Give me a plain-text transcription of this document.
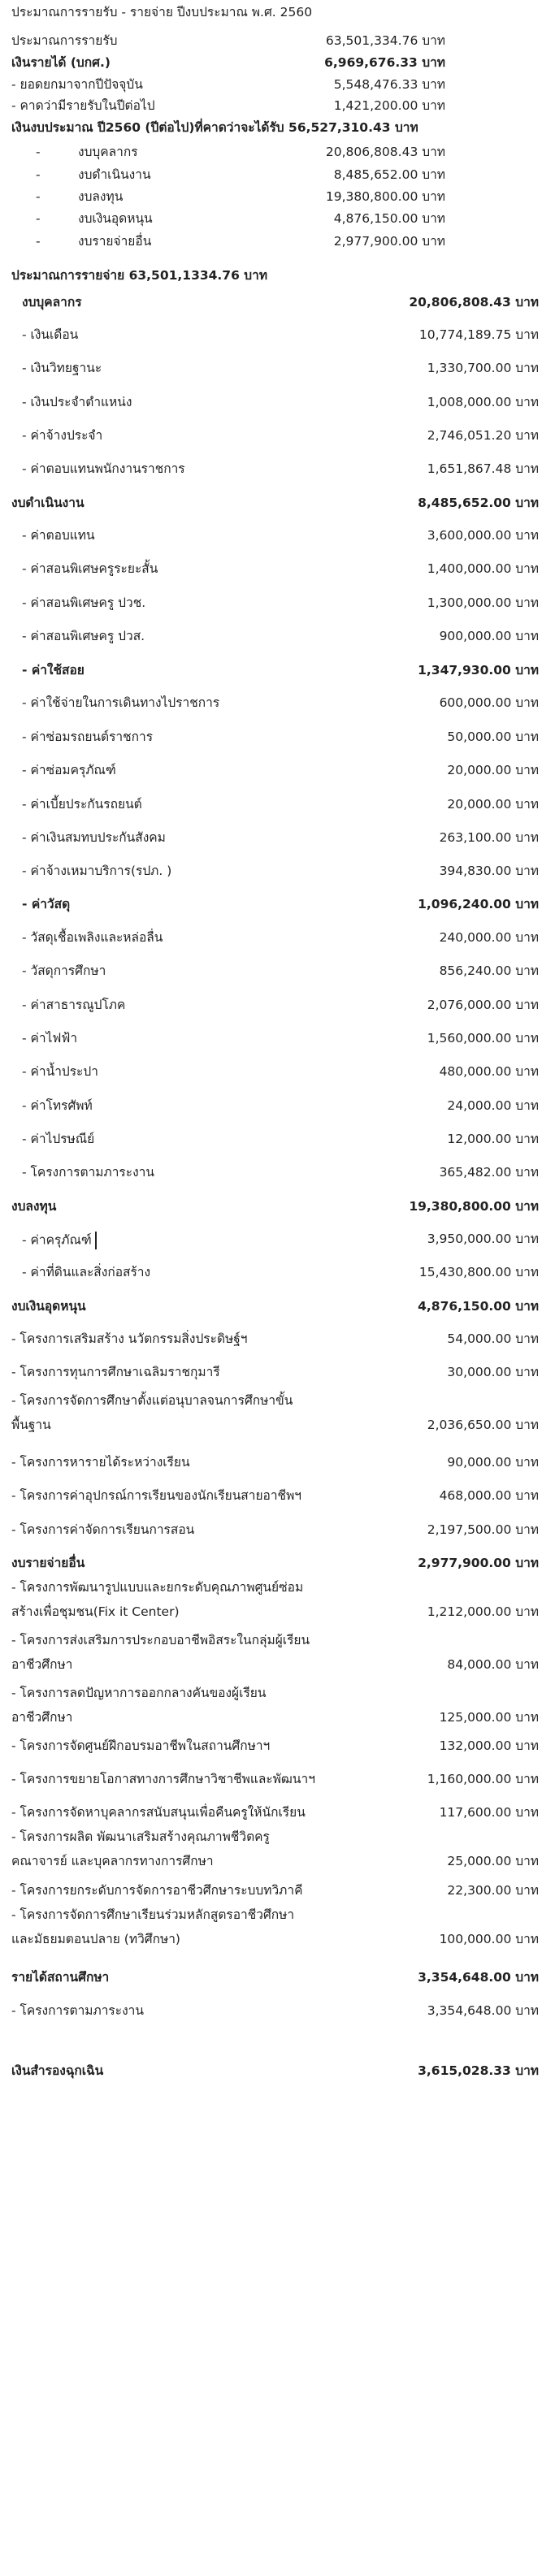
ประมาณการรายรับ - รายจ่าย ปีงบประมาณ พ.ศ. 2560
ประมาณการรายรับ	63,501,334.76 บาท
เงินรายได้ (บกศ.)	6,969,676.33 บาท
- ยอดยกมาจากปีปัจจุบัน	5,548,476.33 บาท
- คาดว่ามีรายรับในปีต่อไป	1,421,200.00 บาท
เงินงบประมาณ ปี2560 (ปีต่อไป)ที่คาดว่าจะได้รับ 56,527,310.43 บาท
-	งบบุคลากร	20,806,808.43 บาท
-	งบดำเนินงาน	8,485,652.00 บาท
-	งบลงทุน	19,380,800.00 บาท
-	งบเงินอุดหนุน	4,876,150.00 บาท
-	งบรายจ่ายอื่น	2,977,900.00 บาท
ประมาณการรายจ่าย 63,501,1334.76 บาท
งบบุคลากร	20,806,808.43 บาท
- เงินเดือน	10,774,189.75 บาท
- เงินวิทยฐานะ	1,330,700.00 บาท
- เงินประจำตำแหน่ง	1,008,000.00 บาท
- ค่าจ้างประจำ	2,746,051.20 บาท
- ค่าตอบแทนพนักงานราชการ	1,651,867.48 บาท
งบดำเนินงาน	8,485,652.00 บาท
- ค่าตอบแทน	3,600,000.00 บาท
- ค่าสอนพิเศษครูระยะสั้น	1,400,000.00 บาท
- ค่าสอนพิเศษครู ปวช.	1,300,000.00 บาท
- ค่าสอนพิเศษครู ปวส.	900,000.00 บาท
- ค่าใช้สอย	1,347,930.00 บาท
- ค่าใช้จ่ายในการเดินทางไปราชการ	600,000.00 บาท
- ค่าซ่อมรถยนต์ราชการ	50,000.00 บาท
- ค่าซ่อมครุภัณฑ์	20,000.00 บาท
- ค่าเบี้ยประกันรถยนต์	20,000.00 บาท
- ค่าเงินสมทบประกันสังคม	263,100.00 บาท
- ค่าจ้างเหมาบริการ(รปภ. )	394,830.00 บาท
- ค่าวัสดุ	1,096,240.00 บาท
- วัสดุเชื้อเพลิงและหล่อลื่น	240,000.00 บาท
- วัสดุการศึกษา	856,240.00 บาท
- ค่าสาธารณูปโภค	2,076,000.00 บาท
- ค่าไฟฟ้า	1,560,000.00 บาท
- ค่าน้ำประปา	480,000.00 บาท
- ค่าโทรศัพท์	24,000.00 บาท
- ค่าไปรษณีย์	12,000.00 บาท
- โครงการตามภาระงาน	365,482.00 บาท
งบลงทุน	19,380,800.00 บาท
- ค่าครุภัณฑ์	3,950,000.00 บาท
- ค่าที่ดินและสิ่งก่อสร้าง	15,430,800.00 บาท
งบเงินอุดหนุน	4,876,150.00 บาท
- โครงการเสริมสร้าง นวัตกรรมสิ่งประดิษฐ์ฯ	54,000.00 บาท
- โครงการทุนการศึกษาเฉลิมราชกุมารี	30,000.00 บาท
- โครงการจัดการศึกษาตั้งแต่อนุบาลจนการศึกษาขั้น
พื้นฐาน	2,036,650.00 บาท
- โครงการหารายได้ระหว่างเรียน	90,000.00 บาท
- โครงการค่าอุปกรณ์การเรียนของนักเรียนสายอาชีพฯ	468,000.00 บาท
- โครงการค่าจัดการเรียนการสอน	2,197,500.00 บาท
งบรายจ่ายอื่น	2,977,900.00 บาท
- โครงการพัฒนารูปแบบและยกระดับคุณภาพศูนย์ซ่อม
สร้างเพื่อชุมชน(Fix it Center)	1,212,000.00 บาท
- โครงการส่งเสริมการประกอบอาชีพอิสระในกลุ่มผู้เรียน
อาชีวศึกษา	84,000.00 บาท
- โครงการลดปัญหาการออกกลางคันของผู้เรียน
อาชีวศึกษา	125,000.00 บาท
- โครงการจัดศูนย์ฝึกอบรมอาชีพในสถานศึกษาฯ	132,000.00 บาท
- โครงการขยายโอกาสทางการศึกษาวิชาชีพและพัฒนาฯ	1,160,000.00 บาท
- โครงการจัดหาบุคลากรสนับสนุนเพื่อคืนครูให้นักเรียน	117,600.00 บาท
- โครงการผลิต พัฒนาเสริมสร้างคุณภาพชีวิตครู
คณาจารย์ และบุคลากรทางการศึกษา	25,000.00 บาท
- โครงการยกระดับการจัดการอาชีวศึกษาระบบทวิภาคี	22,300.00 บาท
- โครงการจัดการศึกษาเรียนร่วมหลักสูตรอาชีวศึกษา
และมัธยมตอนปลาย (ทวิศึกษา)	100,000.00 บาท
รายได้สถานศึกษา	3,354,648.00 บาท
- โครงการตามภาระงาน	3,354,648.00 บาท
เงินสำรองฉุกเฉิน	3,615,028.33 บาท
